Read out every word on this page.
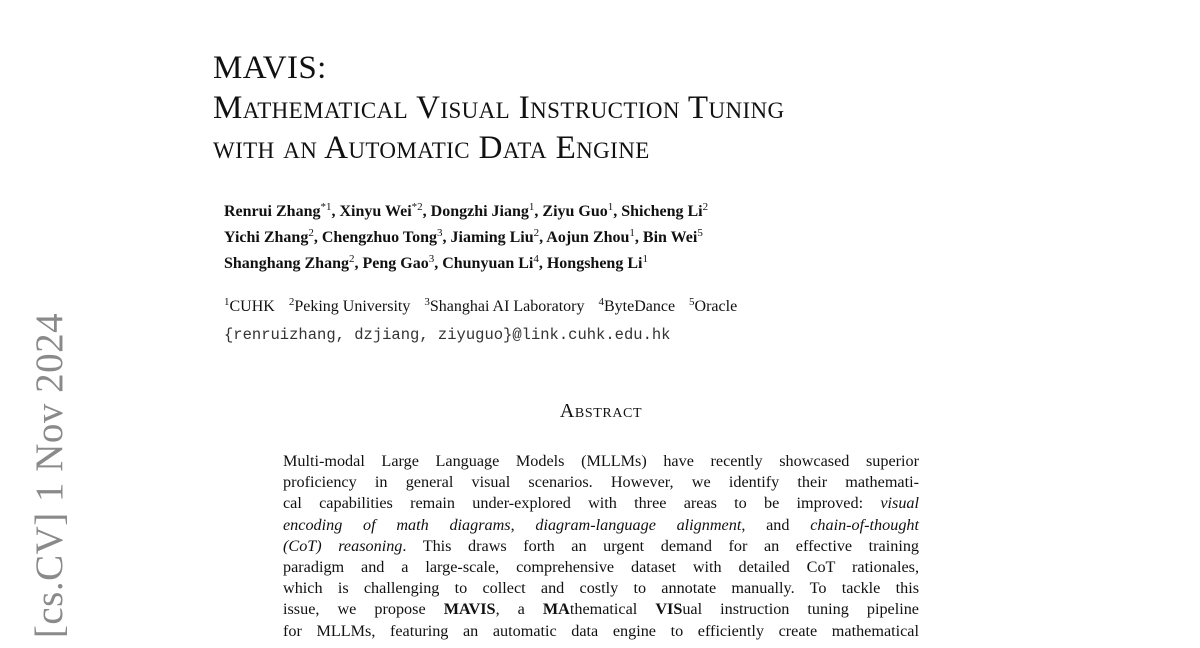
[cs.CV] 1 Nov 2024
MAVIS:
Mathematical Visual Instruction Tuning
with an Automatic Data Engine
Renrui Zhang$^{*1}$, Xinyu Wei$^{*2}$, Dongzhi Jiang$^1$, Ziyu Guo$^1$, Shicheng Li$^2$
Yichi Zhang$^2$, Chengzhuo Tong$^3$, Jiaming Liu$^2$, Aojun Zhou$^1$, Bin Wei$^5$
Shanghang Zhang$^2$, Peng Gao$^3$, Chunyuan Li$^4$, Hongsheng Li$^1$
$^1$CUHK $^2$Peking University $^3$Shanghai AI Laboratory $^4$ByteDance $^5$Oracle
{renruizhang, dzjiang, ziyuguo}@link.cuhk.edu.hk
Abstract
Multi-modal Large Language Models (MLLMs) have recently showcased superior
proficiency in general visual scenarios. However, we identify their mathemati-
cal capabilities remain under-explored with three areas to be improved: visual
encoding of math diagrams, diagram-language alignment, and chain-of-thought
(CoT) reasoning. This draws forth an urgent demand for an effective training
paradigm and a large-scale, comprehensive dataset with detailed CoT rationales,
which is challenging to collect and costly to annotate manually. To tackle this
issue, we propose MAVIS, a MAthematical VISual instruction tuning pipeline
for MLLMs, featuring an automatic data engine to efficiently create mathematical
